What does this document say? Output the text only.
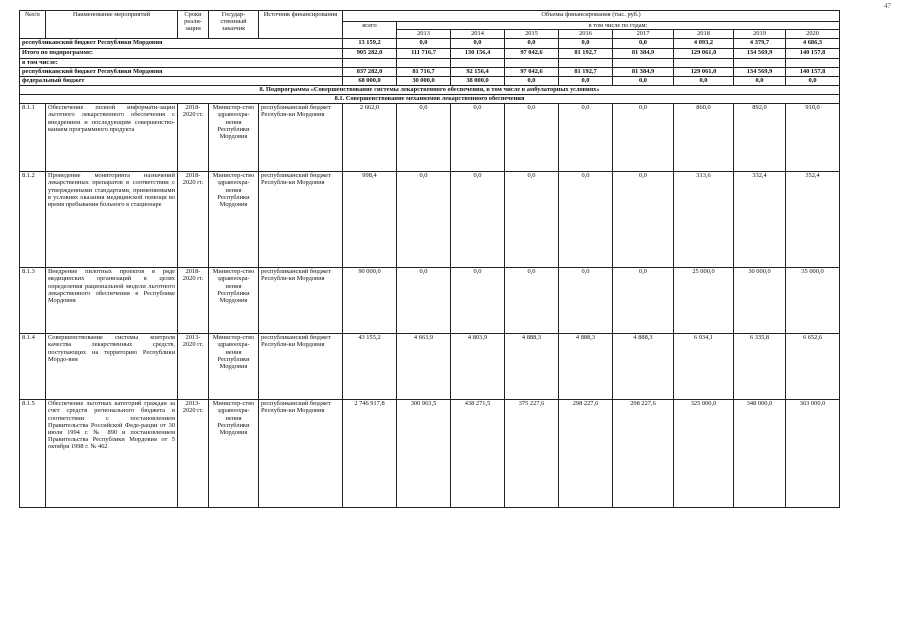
47
№п/п	Наименование мероприятий	Сроки реали-зации	Государ-ственный заказчик	Источник финансирования	Объемы финансирования (тыс. руб.)								
					всего	в том числе по годам:							
						2013	2014	2015	2016	2017	2018	2019	2020
республиканский бюджет Республики Мордовия					13 159,2	0,0	0,0	0,0	0,0	0,0	4 093,2	4 379,7	4 686,3
Итого по подпрограмме:					905 282,0	111 716,7	130 156,4	97 042,6	81 192,7	81 384,9	129 061,0	134 569,9	140 157,8
в том числе:													
республиканский бюджет Республики Мордовия					837 282,0	81 716,7	92 156,4	97 042,6	81 192,7	81 384,9	129 061,0	134 569,9	140 157,8
федеральный бюджет					68 000,0	30 000,0	38 000,0	0,0	0,0	0,0	0,0	0,0	0,0
8. Подпрограмма «Совершенствование системы лекарственного обеспечения, в том числе в амбулаторных условиях»													
8.1. Совершенствование механизмов лекарственного обеспечения													
8.1.1	Обеспечение полной информати-зации льготного лекарственного обеспечения с внедрением и последующим совершенство-ванием программного продукта	2018-2020 гг.	Министер-ство здравоохра-нения Республики Мордовия	республиканский бюджет Республи-ки Мордовия	2 662,0	0,0	0,0	0,0	0,0	0,0	860,0	892,0	910,0
8.1.2	Проведение мониторинга назначений лекарственных препаратов в соответствии с утвержденными стандартами, применяемыми в условиях оказания медицинской помощи во время пребывания больного в стационаре	2018-2020 гг.	Министер-ство здравоохра-нения Республики Мордовия	республиканский бюджет Республи-ки Мордовия	998,4	0,0	0,0	0,0	0,0	0,0	313,6	332,4	352,4
8.1.3	Внедрение пилотных проектов в ряде медицинских организаций в целях определения рациональной модели льготного лекарственного обеспечения в Республике Мордовия	2018-2020 гг.	Министер-ство здравоохра-нения Республики Мордовия	республиканский бюджет Республи-ки Мордовия	90 000,0	0,0	0,0	0,0	0,0	0,0	25 000,0	30 000,0	35 000,0
8.1.4	Совершенствование системы контроля качества лекарственных средств, поступающих на территорию Республики Мордо-вия	2013-2020 гг.	Министер-ство здравоохра-нения Республики Мордовия	республиканский бюджет Республи-ки Мордовия	43 155,2	4 663,9	4 803,9	4 888,3	4 888,3	4 888,3	6 034,1	6 335,8	6 652,6
8.1.5	Обеспечение льготных категорий граждан за счет средств регионального бюджета в соответствии с постановлением Правительства Российской Феде-рации от 30 июля 1994 г. № 890 и постановлением Правительства Республики Мордовия от 5 октября 1998 г. № 462	2013-2020 гг.	Министер-ство здравоохра-нения Республики Мордовия	республиканский бюджет Республи-ки Мордовия	2 746 917,8	300 963,5	438 271,5	375 227,6	298 227,6	298 227,6	325 000,0	348 000,0	363 000,0
